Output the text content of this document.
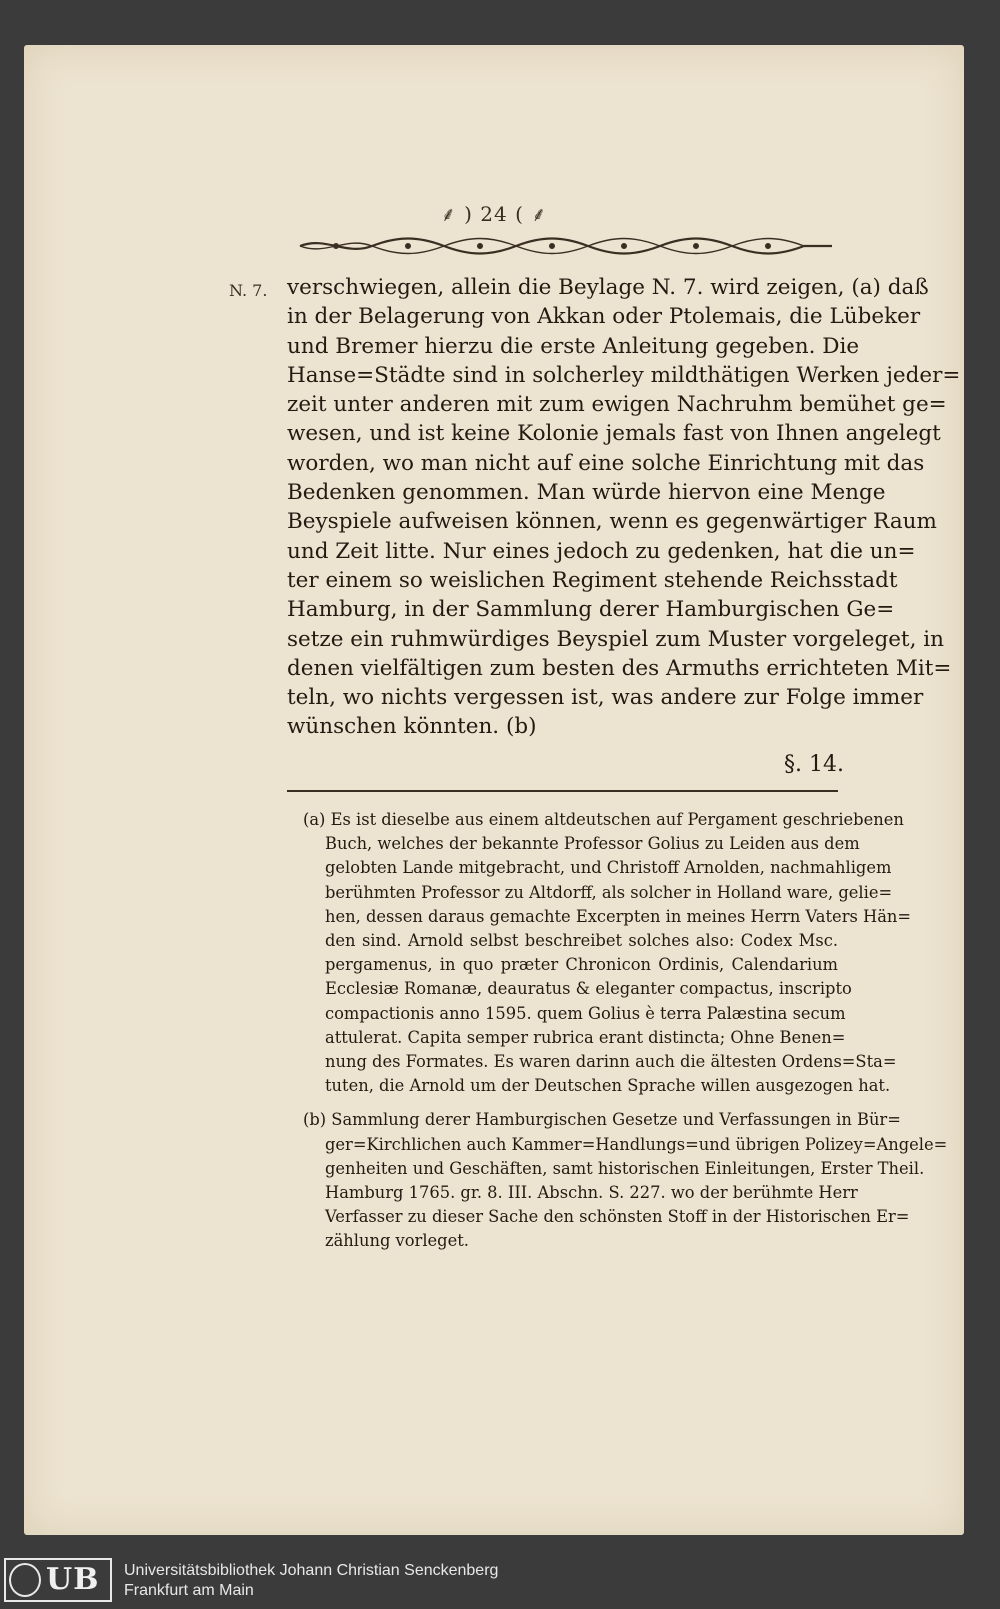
⸙ ) 24 ( ⸙
N. 7. verschwiegen, allein die Beylage N. 7. wird zeigen, (a) daß
in der Belagerung von Akkan oder Ptolemais, die Lübeker
und Bremer hierzu die erste Anleitung gegeben. Die
Hanse=Städte sind in solcherley mildthätigen Werken jeder=
zeit unter anderen mit zum ewigen Nachruhm bemühet ge=
wesen, und ist keine Kolonie jemals fast von Ihnen angelegt
worden, wo man nicht auf eine solche Einrichtung mit das
Bedenken genommen. Man würde hiervon eine Menge
Beyspiele aufweisen können, wenn es gegenwärtiger Raum
und Zeit litte. Nur eines jedoch zu gedenken, hat die un=
ter einem so weislichen Regiment stehende Reichsstadt
Hamburg, in der Sammlung derer Hamburgischen Ge=
setze ein ruhmwürdiges Beyspiel zum Muster vorgeleget, in
denen vielfältigen zum besten des Armuths errichteten Mit=
teln, wo nichts vergessen ist, was andere zur Folge immer
wünschen könnten. (b)
§. 14.
(a) Es ist dieselbe aus einem altdeutschen auf Pergament geschriebenen
Buch, welches der bekannte Professor Golius zu Leiden aus dem
gelobten Lande mitgebracht, und Christoff Arnolden, nachmahligem
berühmten Professor zu Altdorff, als solcher in Holland ware, gelie=
hen, dessen daraus gemachte Excerpten in meines Herrn Vaters Hän=
den sind. Arnold selbst beschreibet solches also: Codex Msc.
pergamenus, in quo præter Chronicon Ordinis, Calendarium
Ecclesiæ Romanæ, deauratus & eleganter compactus, inscripto
compactionis anno 1595. quem Golius è terra Palæstina secum
attulerat. Capita semper rubrica erant distincta; Ohne Benen=
nung des Formates. Es waren darinn auch die ältesten Ordens=Sta=
tuten, die Arnold um der Deutschen Sprache willen ausgezogen hat.
(b) Sammlung derer Hamburgischen Gesetze und Verfassungen in Bür=
ger=Kirchlichen auch Kammer=Handlungs=und übrigen Polizey=Angele=
genheiten und Geschäften, samt historischen Einleitungen, Erster Theil.
Hamburg 1765. gr. 8. III. Abschn. S. 227. wo der berühmte Herr
Verfasser zu dieser Sache den schönsten Stoff in der Historischen Er=
zählung vorleget.
UB Universitätsbibliothek Johann Christian Senckenberg
Frankfurt am Main
